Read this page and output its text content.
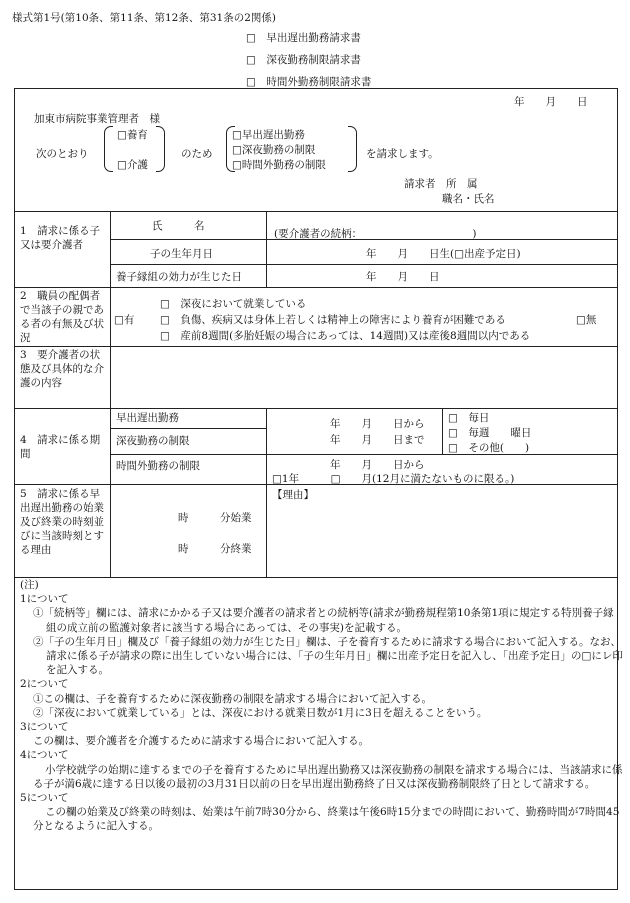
様式第1号(第10条、第11条、第12条、第31条の2関係)
□　早出遅出勤務請求書
□　深夜勤務制限請求書
□　時間外勤務制限請求書
年　　月　　日
加東市病院事業管理者　様
次のとおり
□養育
□介護
のため
□早出遅出勤務
□深夜勤務の制限
□時間外勤務の制限
を請求します。
請求者　所　属
職名・氏名
1　請求に係る子又は要介護者
氏　　　名
(要介護者の続柄：　　　　　　　　　　　)
子の生年月日	年　　月　　日生(□出産予定日)
養子縁組の効力が生じた日	年　　月　　日
2　職員の配偶者で当該子の親である者の有無及び状況
□有
□　深夜において就業している
□　負傷、疾病又は身体上若しくは精神上の障害により養育が困難である
□　産前8週間(多胎妊娠の場合にあっては、14週間)又は産後8週間以内である
□無
3　要介護者の状態及び具体的な介護の内容
4　請求に係る期間
早出遅出勤務
深夜勤務の制限
時間外勤務の制限
年　　月　　日から
年　　月　　日まで
□　毎日
□　毎週　　曜日
□　その他(　　)
年　　月　　日から
□1年　　　□　　月(12月に満たないものに限る。)
5　請求に係る早出遅出勤務の始業及び終業の時刻並びに当該時刻とする理由
時　　　分始業
時　　　分終業
【理由】

(注)

1について

①「続柄等」欄には、請求にかかる子又は要介護者の請求者との続柄等(請求が勤務規程第10条第1項に規定する特別養子縁組の成立前の監護対象者に該当する場合にあっては、その事実)を記載する。

②「子の生年月日」欄及び「養子縁組の効力が生じた日」欄は、子を養育するために請求する場合において記入する。なお、請求に係る子が請求の際に出生していない場合には、「子の生年月日」欄に出産予定日を記入し、「出産予定日」の□にレ印を記入する。

2について

①この欄は、子を養育するために深夜勤務の制限を請求する場合において記入する。

②「深夜において就業している」とは、深夜における就業日数が1月に3日を超えることをいう。

3について

この欄は、要介護者を介護するために請求する場合において記入する。

4について

小学校就学の始期に達するまでの子を養育するために早出遅出勤務又は深夜勤務の制限を請求する場合には、当該請求に係る子が満6歳に達する日以後の最初の3月31日以前の日を早出遅出勤務終了日又は深夜勤務制限終了日として請求する。

5について

この欄の始業及び終業の時刻は、始業は午前7時30分から、終業は午後6時15分までの時間において、勤務時間が7時間45分となるように記入する。
